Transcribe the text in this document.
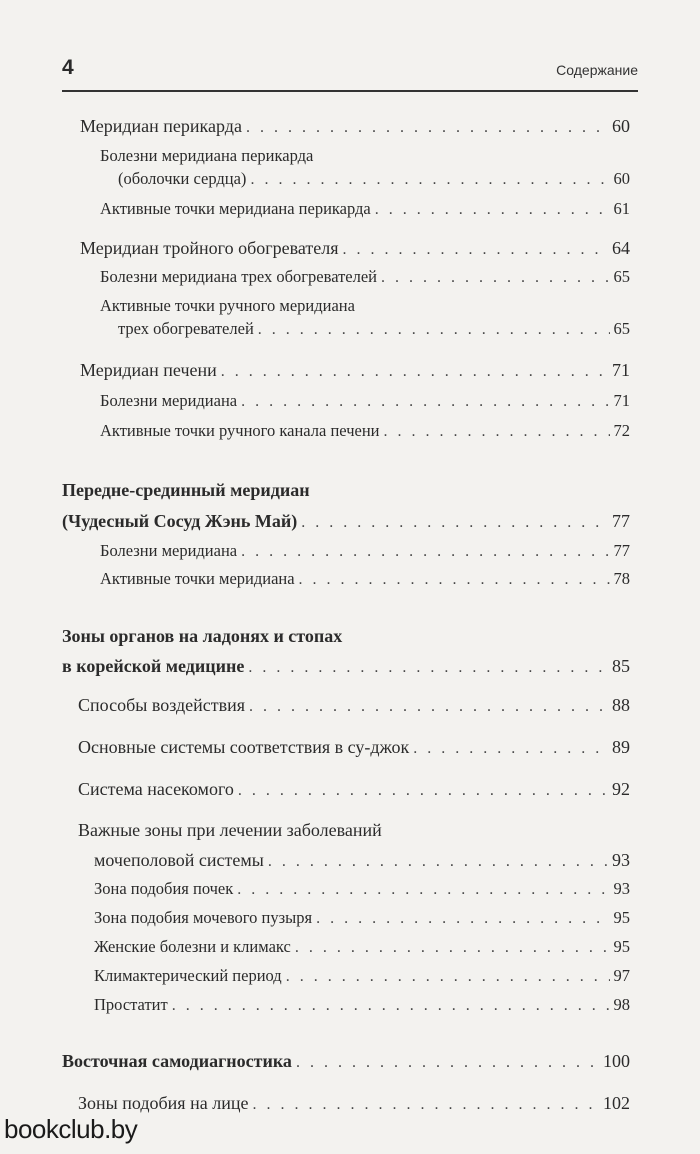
4	Содержание
Меридиан перикарда . . .	60
Болезни меридиана перикарда
(оболочки сердца) . . .	60
Активные точки меридиана перикарда . . .	61
Меридиан тройного обогревателя . . .	64
Болезни меридиана трех обогревателей . . .	65
Активные точки ручного меридиана
трех обогревателей . . .	65
Меридиан печени . . .	71
Болезни меридиана . . .	71
Активные точки ручного канала печени . . .	72
Передне-срединный меридиан
(Чудесный Сосуд Жэнь Май) . . .	77
Болезни меридиана . . .	77
Активные точки меридиана . . .	78
Зоны органов на ладонях и стопах
в корейской медицине . . .	85
Способы воздействия . . .	88
Основные системы соответствия в су-джок . . .	89
Система насекомого . . .	92
Важные зоны при лечении заболеваний
мочеполовой системы . . .	93
Зона подобия почек . . .	93
Зона подобия мочевого пузыря . . .	95
Женские болезни и климакс . . .	95
Климактерический период . . .	97
Простатит . . .	98
Восточная самодиагностика . . .	100
Зоны подобия на лице . . .	102
bookclub.by
